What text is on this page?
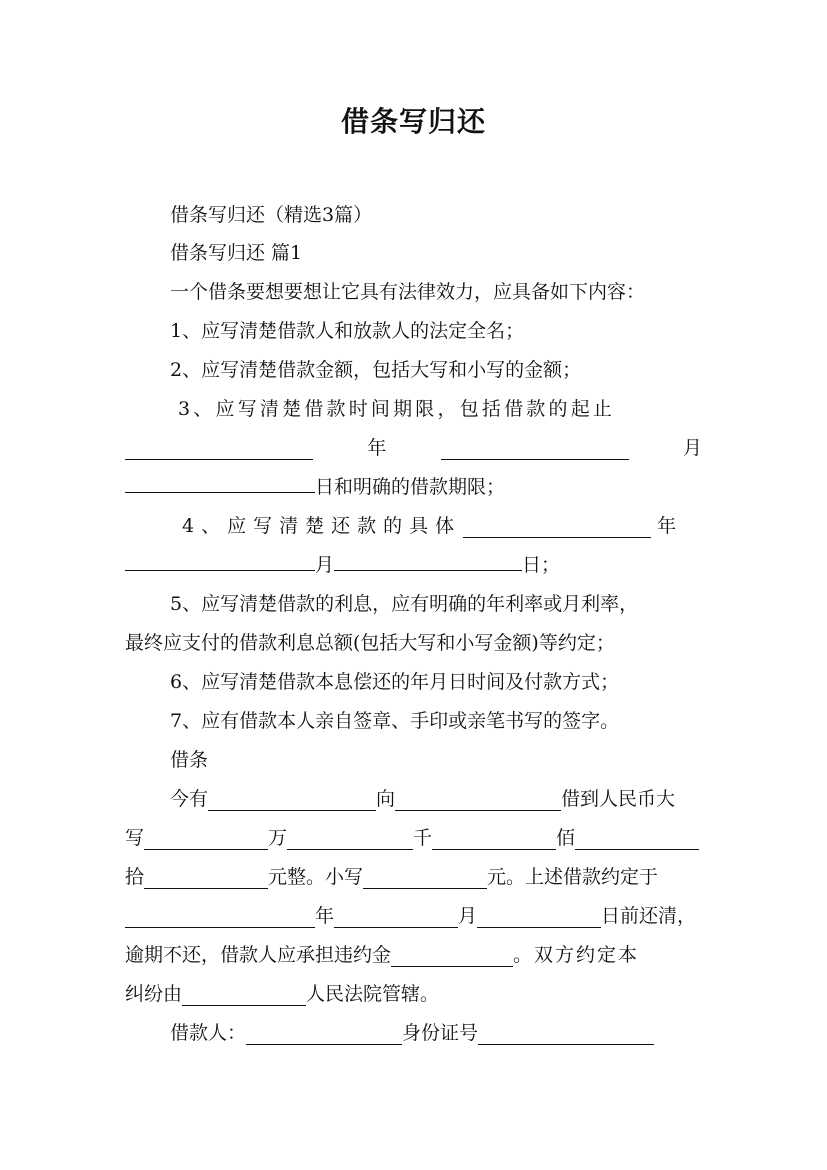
借条写归还
借条写归还（精选3篇）
借条写归还 篇1
一个借条要想要想让它具有法律效力，应具备如下内容：
1、应写清楚借款人和放款人的法定全名；
2、应写清楚借款金额，包括大写和小写的金额；
3、应写清楚借款时间期限，包括借款的起止
年	月
日和明确的借款期限；
4、应写清楚还款的具体	年
月	日；
5、应写清楚借款的利息，应有明确的年利率或月利率，
最终应支付的借款利息总额(包括大写和小写金额)等约定；
6、应写清楚借款本息偿还的年月日时间及付款方式；
7、应有借款本人亲自签章、手印或亲笔书写的签字。
借条
今有	向	借到人民币大
写	万	千	佰
拾	元整。小写	元。上述借款约定于
年	月	日前还清，
逾期不还，借款人应承担违约金	。双方约定本
纠纷由	人民法院管辖。
借款人：	身份证号
